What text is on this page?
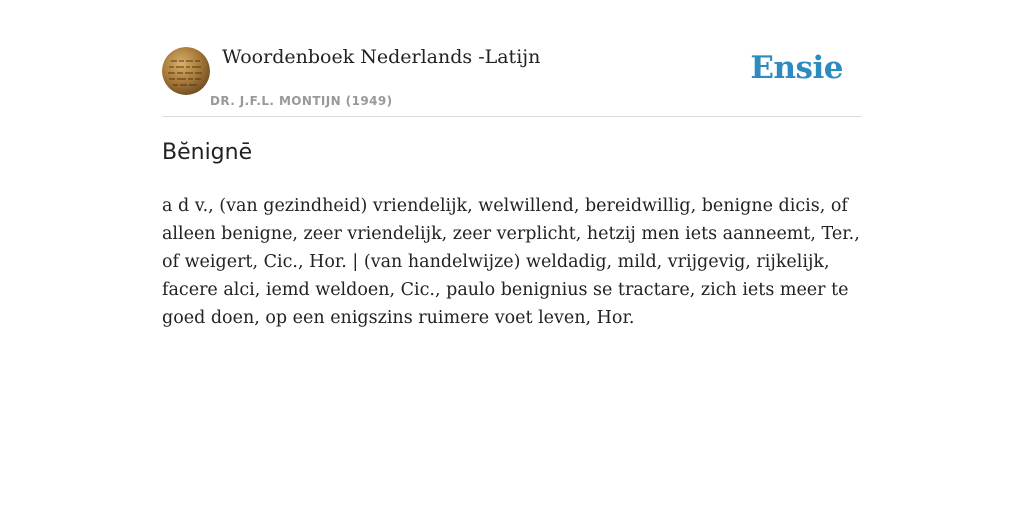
Woordenboek Nederlands -Latijn
DR. J.F.L. MONTIJN (1949)
Ensie
Bĕnignē
a d v., (van gezindheid) vriendelijk, welwillend, bereidwillig, benigne dicis, of alleen benigne, zeer vriendelijk, zeer verplicht, hetzij men iets aanneemt, Ter., of weigert, Cic., Hor. | (van handelwijze) weldadig, mild, vrijgevig, rijkelijk, facere alci, iemd weldoen, Cic., paulo benignius se tractare, zich iets meer te goed doen, op een enigszins ruimere voet leven, Hor.
